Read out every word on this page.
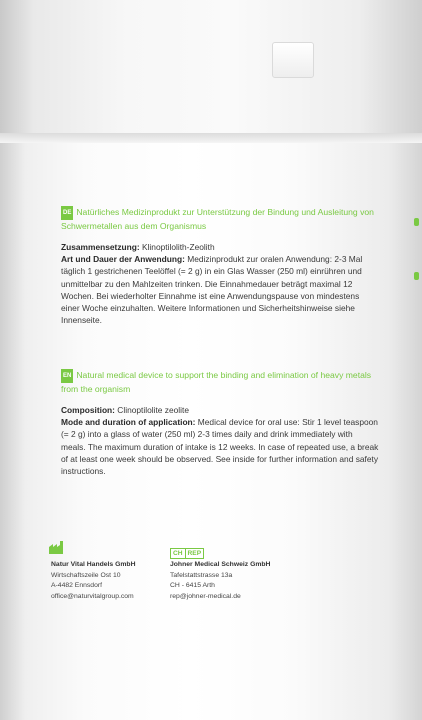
DE Natürliches Medizinprodukt zur Unterstützung der Bindung und Ausleitung von Schwermetallen aus dem Organismus
Zusammensetzung: Klinoptilolith-Zeolith
Art und Dauer der Anwendung: Medizinprodukt zur oralen Anwendung: 2-3 Mal täglich 1 gestrichenen Teelöffel (= 2 g) in ein Glas Wasser (250 ml) einrühren und unmittelbar zu den Mahlzeiten trinken. Die Einnahmedauer beträgt maximal 12 Wochen. Bei wiederholter Einnahme ist eine Anwendungspause von mindestens einer Woche einzuhalten. Weitere Informationen und Sicherheitshinweise siehe Innenseite.
EN Natural medical device to support the binding and elimination of heavy metals from the organism
Composition: Clinoptilolite zeolite
Mode and duration of application: Medical device for oral use: Stir 1 level teaspoon (= 2 g) into a glass of water (250 ml) 2-3 times daily and drink immediately with meals. The maximum duration of intake is 12 weeks. In case of repeated use, a break of at least one week should be observed. See inside for further information and safety instructions.
Natur Vital Handels GmbH
Wirtschaftszeile Ost 10
A-4482 Ennsdorf
office@naturvitalgroup.com
CH REP
Johner Medical Schweiz GmbH
Tafelstattstrasse 13a
CH - 6415 Arth
rep@johner-medical.de
